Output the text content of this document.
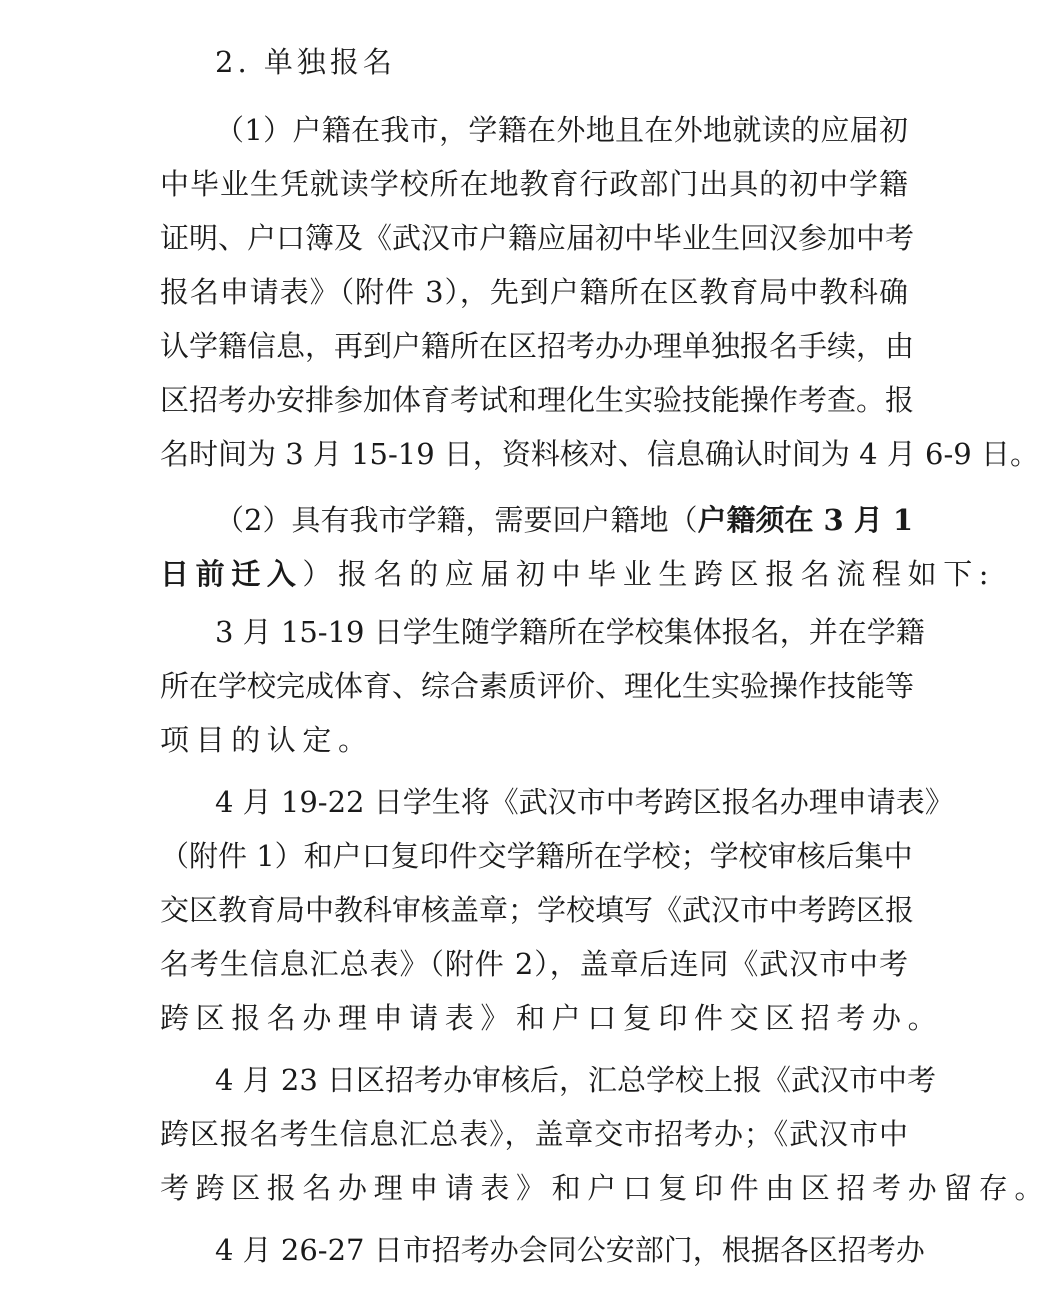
2. 单独报名
（1）户籍在我市，学籍在外地且在外地就读的应届初
中毕业生凭就读学校所在地教育行政部门出具的初中学籍
证明、户口簿及《武汉市户籍应届初中毕业生回汉参加中考
报名申请表》（附件 3），先到户籍所在区教育局中教科确
认学籍信息，再到户籍所在区招考办办理单独报名手续，由
区招考办安排参加体育考试和理化生实验技能操作考查。报
名时间为 3 月 15-19 日，资料核对、信息确认时间为 4 月 6-9 日。
（2）具有我市学籍，需要回户籍地（户籍须在 3 月 1
日前迁入）报名的应届初中毕业生跨区报名流程如下:
3 月 15-19 日学生随学籍所在学校集体报名，并在学籍
所在学校完成体育、综合素质评价、理化生实验操作技能等
项目的认定。
4 月 19-22 日学生将《武汉市中考跨区报名办理申请表》
（附件 1）和户口复印件交学籍所在学校；学校审核后集中
交区教育局中教科审核盖章；学校填写《武汉市中考跨区报
名考生信息汇总表》（附件 2），盖章后连同《武汉市中考
跨区报名办理申请表》和户口复印件交区招考办。
4 月 23 日区招考办审核后，汇总学校上报《武汉市中考
跨区报名考生信息汇总表》，盖章交市招考办；《武汉市中
考跨区报名办理申请表》和户口复印件由区招考办留存。
4 月 26-27 日市招考办会同公安部门，根据各区招考办
